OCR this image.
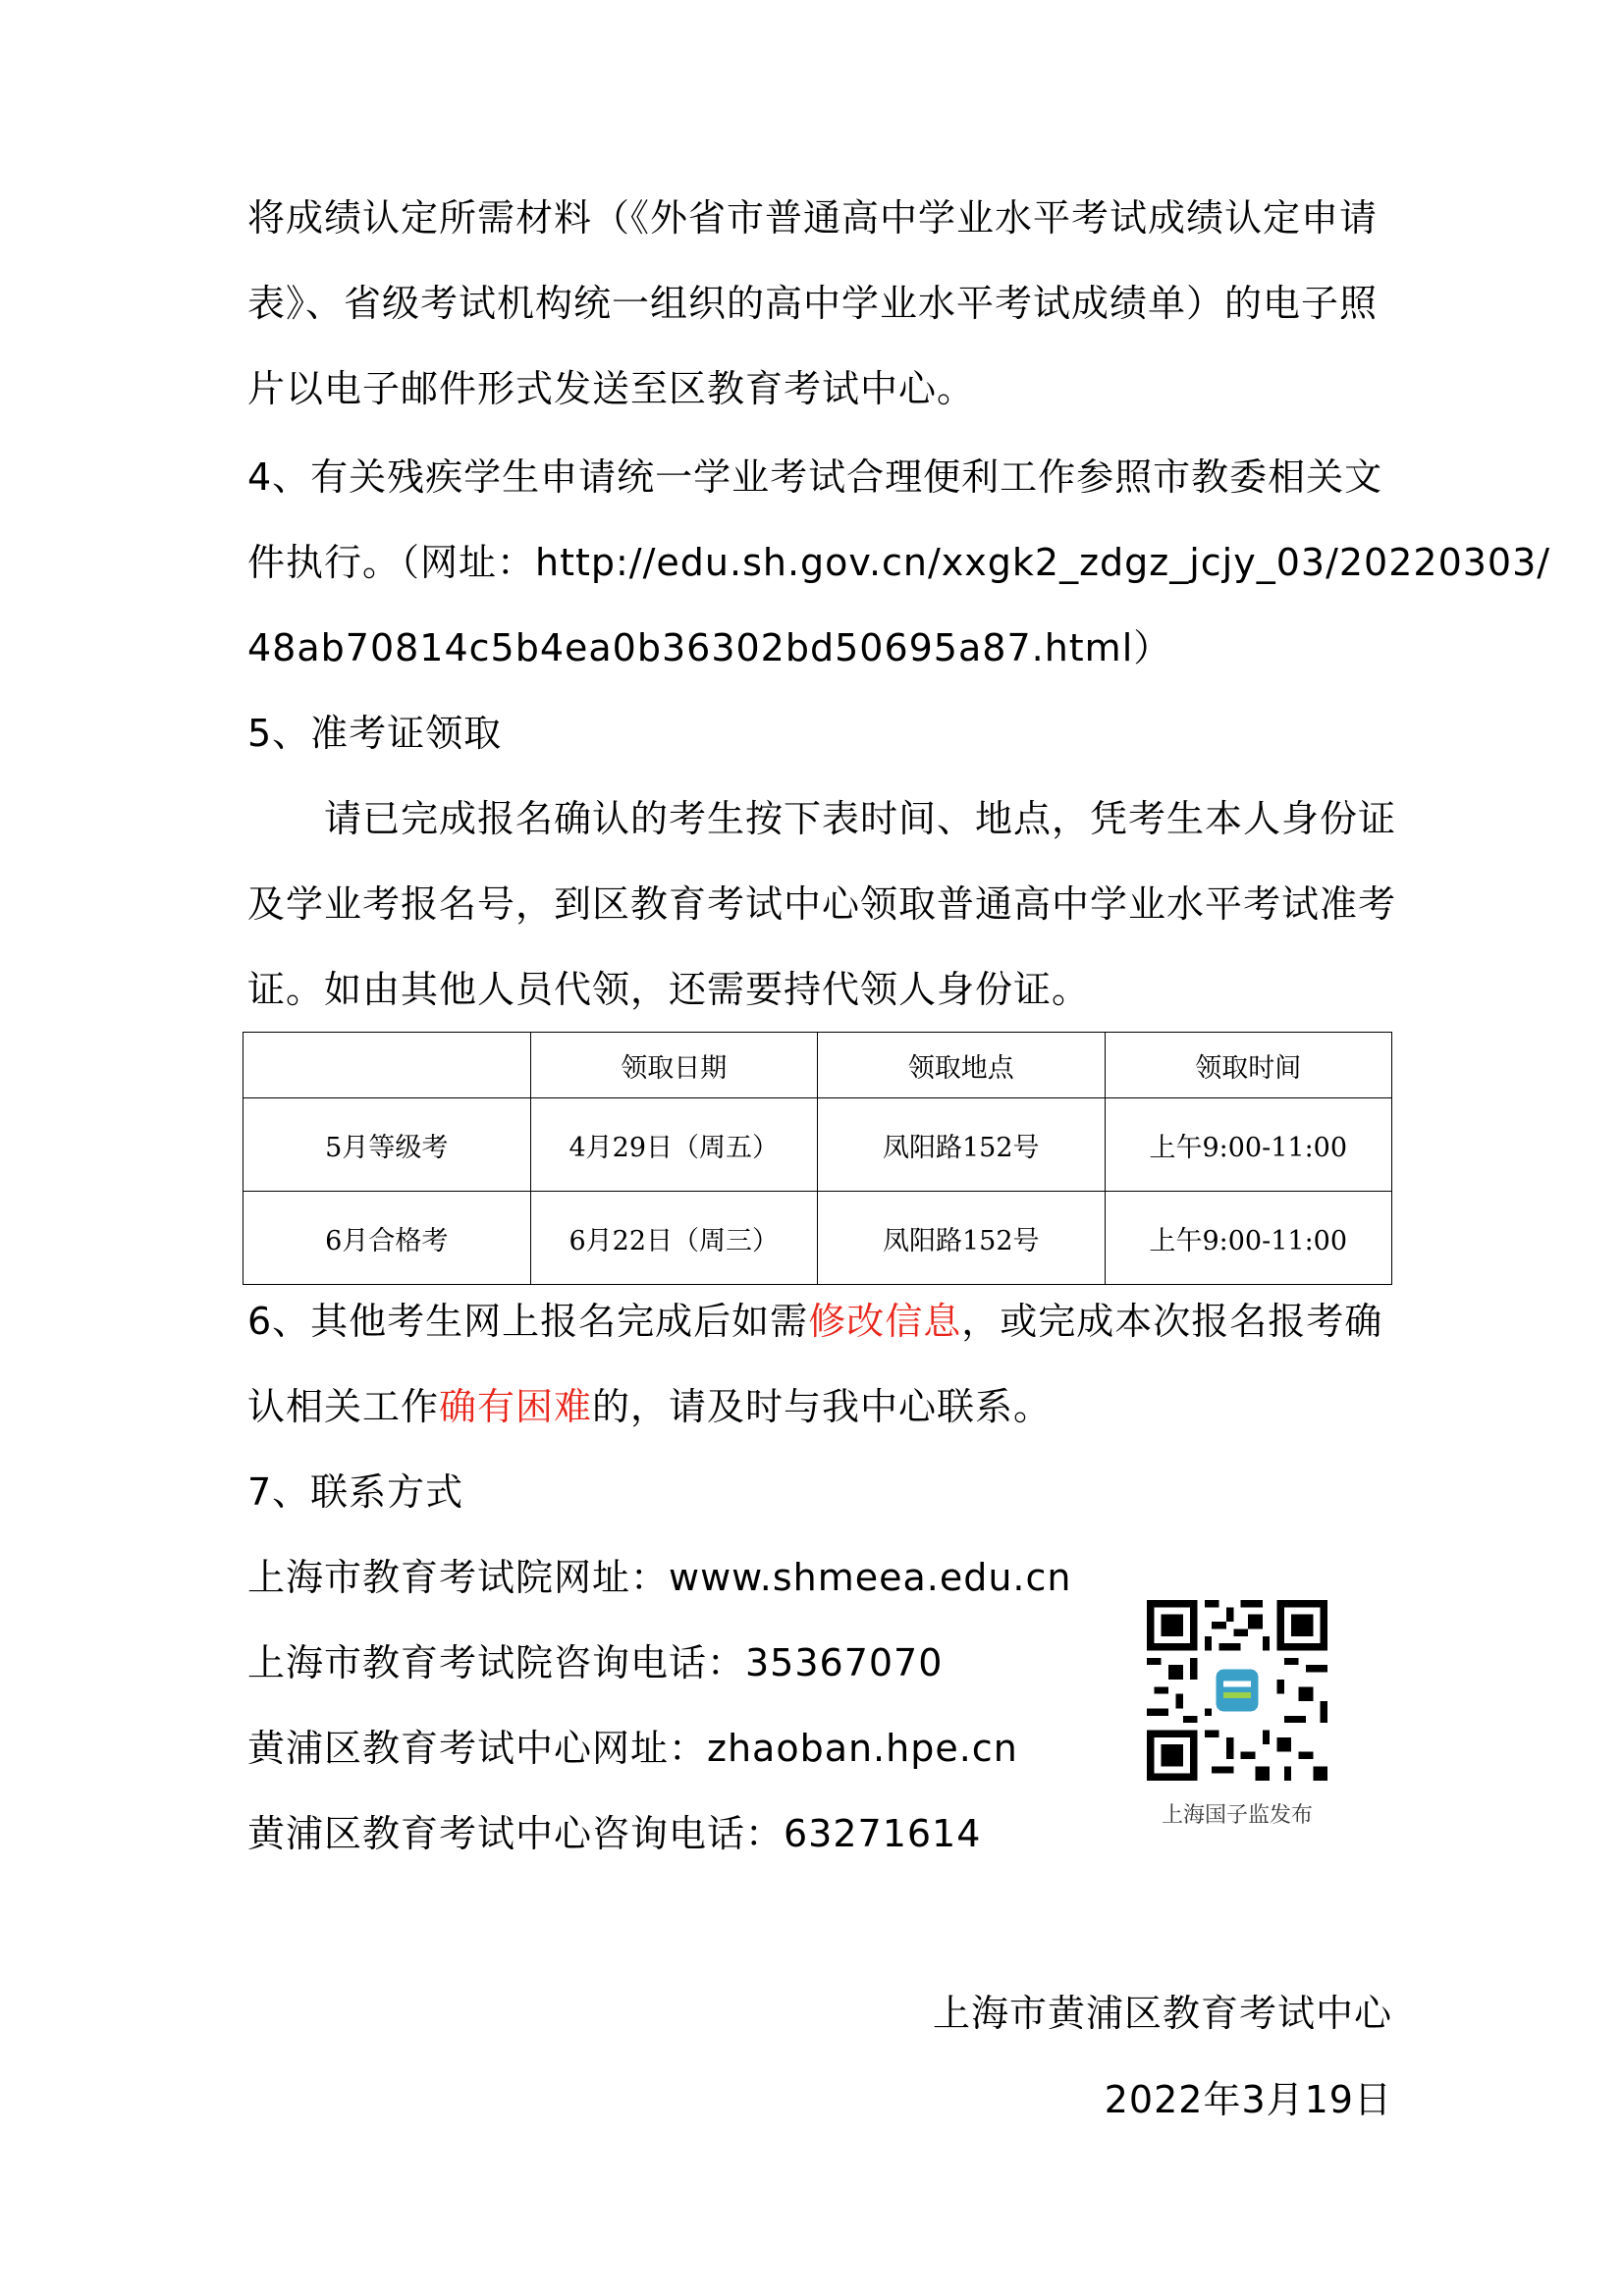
将成绩认定所需材料（《外省市普通高中学业水平考试成绩认定申请
表》、省级考试机构统一组织的高中学业水平考试成绩单）的电子照
片以电子邮件形式发送至区教育考试中心。
4、有关残疾学生申请统一学业考试合理便利工作参照市教委相关文
件执行。（网址：http://edu.sh.gov.cn/xxgk2_zdgz_jcjy_03/20220303/
48ab70814c5b4ea0b36302bd50695a87.html）
5、准考证领取
请已完成报名确认的考生按下表时间、地点，凭考生本人身份证
及学业考报名号，到区教育考试中心领取普通高中学业水平考试准考
证。如由其他人员代领，还需要持代领人身份证。
	领取日期	领取地点	领取时间
5月等级考	4月29日（周五）	凤阳路152号	上午9:00-11:00
6月合格考	6月22日（周三）	凤阳路152号	上午9:00-11:00
6、其他考生网上报名完成后如需修改信息，或完成本次报名报考确
认相关工作确有困难的，请及时与我中心联系。
7、联系方式
上海市教育考试院网址：www.shmeea.edu.cn
上海市教育考试院咨询电话：35367070
黄浦区教育考试中心网址：zhaoban.hpe.cn
黄浦区教育考试中心咨询电话：63271614	上海国子监发布
上海市黄浦区教育考试中心
2022年3月19日
